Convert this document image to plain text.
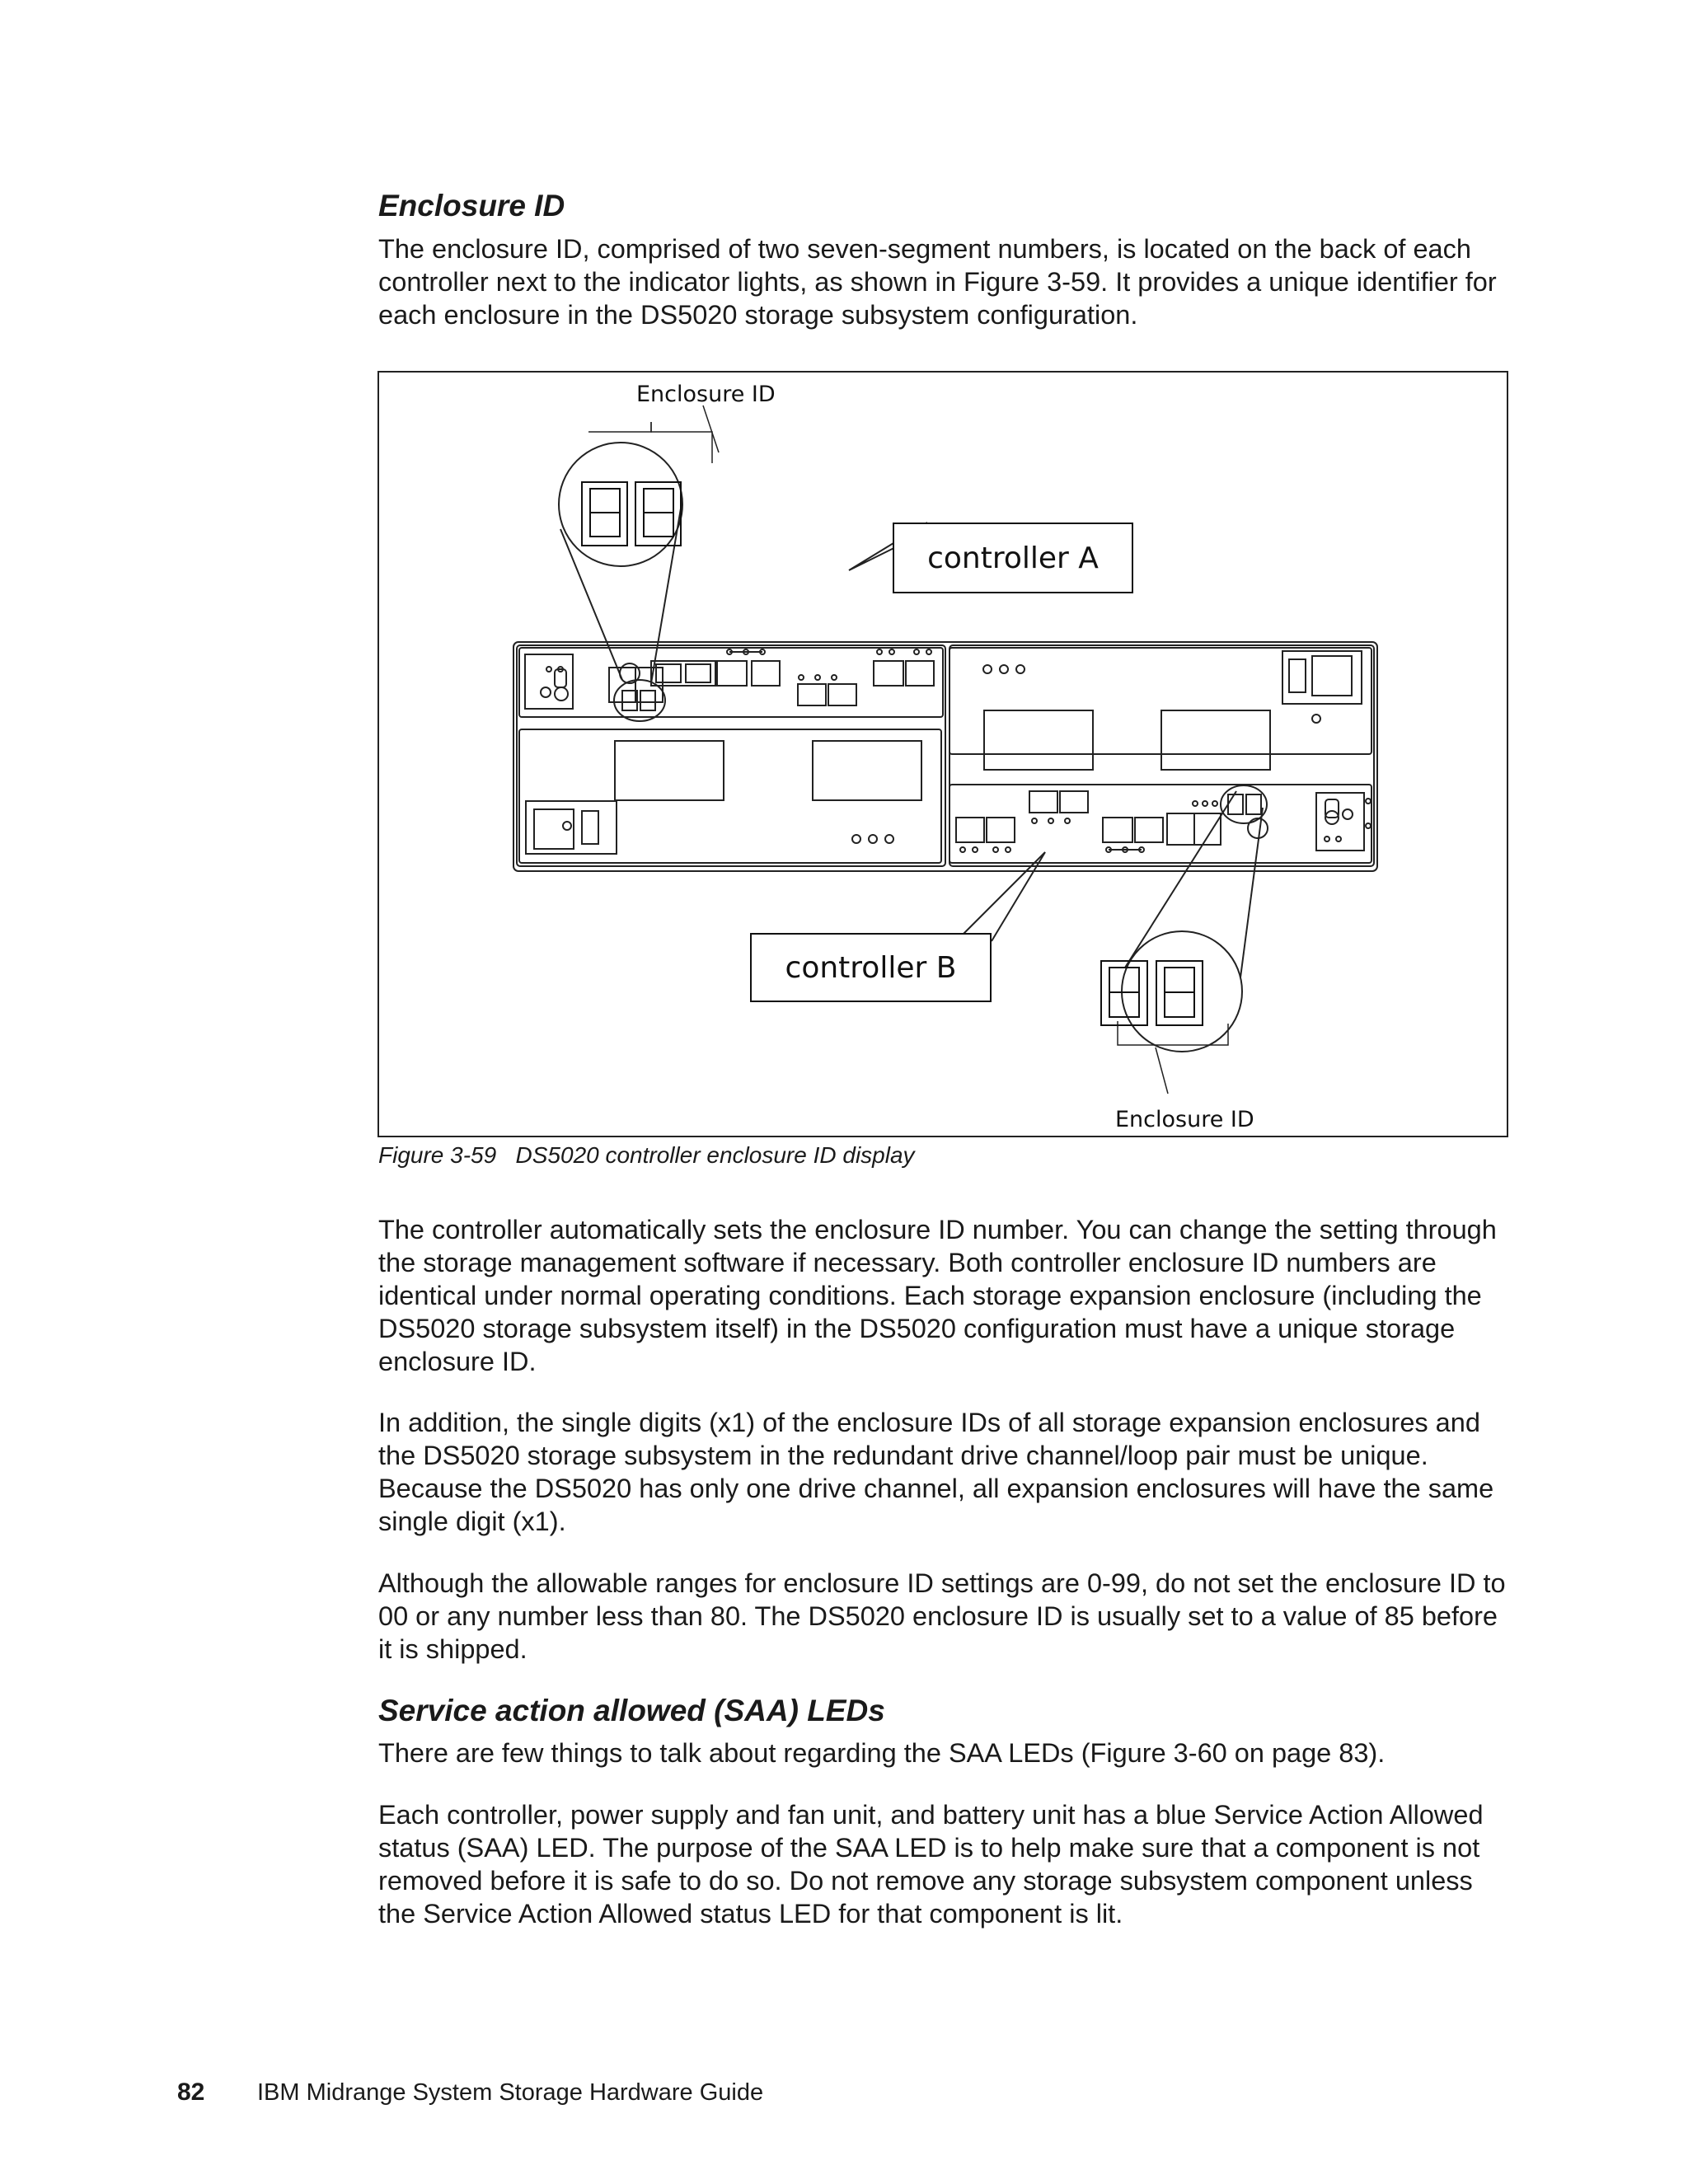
Enclosure ID

The enclosure ID, comprised of two seven-segment numbers, is located on the back of each controller next to the indicator lights, as shown in Figure 3-59. It provides a unique identifier for each enclosure in the DS5020 storage subsystem configuration.

Enclosure ID

Enclosure ID

controller A
controller B

Figure 3-59   DS5020 controller enclosure ID display

The controller automatically sets the enclosure ID number. You can change the setting through the storage management software if necessary. Both controller enclosure ID numbers are identical under normal operating conditions. Each storage expansion enclosure (including the DS5020 storage subsystem itself) in the DS5020 configuration must have a unique storage enclosure ID.

In addition, the single digits (x1) of the enclosure IDs of all storage expansion enclosures and the DS5020 storage subsystem in the redundant drive channel/loop pair must be unique. Because the DS5020 has only one drive channel, all expansion enclosures will have the same single digit (x1).

Although the allowable ranges for enclosure ID settings are 0-99, do not set the enclosure ID to 00 or any number less than 80. The DS5020 enclosure ID is usually set to a value of 85 before it is shipped.

Service action allowed (SAA) LEDs

There are few things to talk about regarding the SAA LEDs (Figure 3-60 on page 83).

Each controller, power supply and fan unit, and battery unit has a blue Service Action Allowed status (SAA) LED. The purpose of the SAA LED is to help make sure that a component is not removed before it is safe to do so. Do not remove any storage subsystem component unless the Service Action Allowed status LED for that component is lit.

82 IBM Midrange System Storage Hardware Guide
